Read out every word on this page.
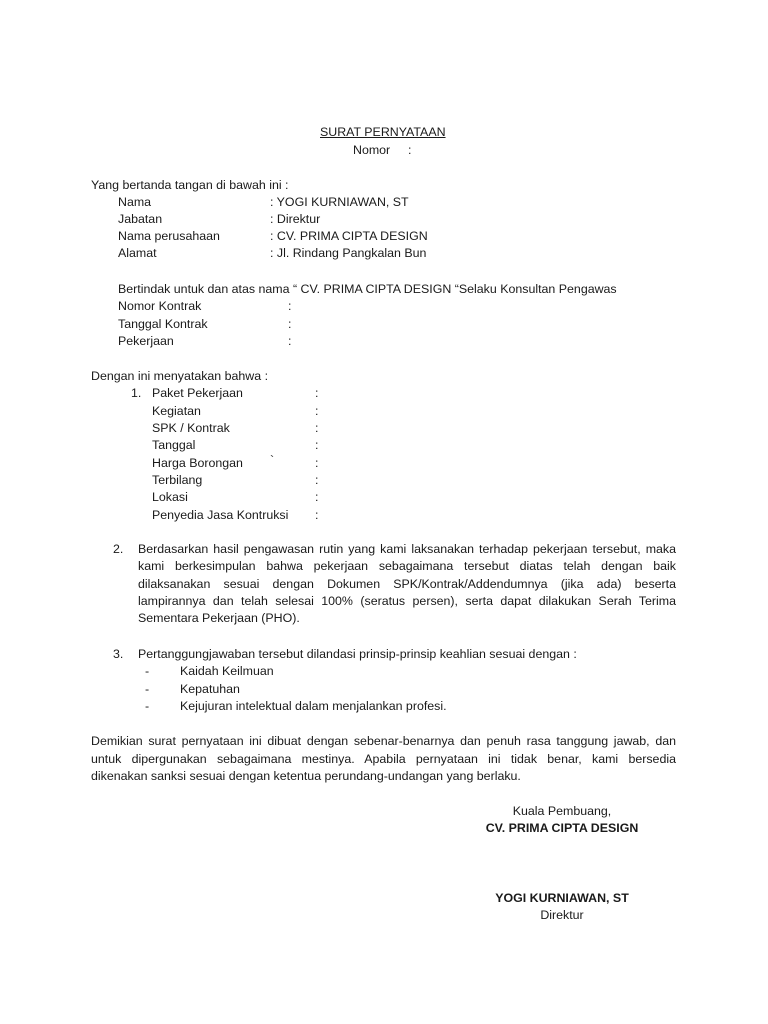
SURAT PERNYATAAN
Nomor :
Yang bertanda tangan di bawah ini :
Nama	: YOGI KURNIAWAN, ST
Jabatan	: Direktur
Nama perusahaan	: CV. PRIMA CIPTA DESIGN
Alamat	: Jl. Rindang Pangkalan Bun
Bertindak untuk dan atas nama “ CV. PRIMA CIPTA DESIGN “Selaku Konsultan Pengawas
Nomor Kontrak	:
Tanggal Kontrak	:
Pekerjaan	:
Dengan ini menyatakan bahwa :
1. Paket Pekerjaan	:
Kegiatan	:
SPK / Kontrak	:
Tanggal	:
Harga Borongan `	:
Terbilang	:
Lokasi	:
Penyedia Jasa Kontruksi :
2. Berdasarkan hasil pengawasan rutin yang kami laksanakan terhadap pekerjaan tersebut, maka
kami berkesimpulan bahwa pekerjaan sebagaimana tersebut diatas telah dengan baik
dilaksanakan sesuai dengan Dokumen SPK/Kontrak/Addendumnya (jika ada) beserta
lampirannya dan telah selesai 100% (seratus persen), serta dapat dilakukan Serah Terima
Sementara Pekerjaan (PHO).
3. Pertanggungjawaban tersebut dilandasi prinsip-prinsip keahlian sesuai dengan :
- Kaidah Keilmuan
- Kepatuhan
- Kejujuran intelektual dalam menjalankan profesi.
Demikian surat pernyataan ini dibuat dengan sebenar-benarnya dan penuh rasa tanggung jawab, dan
untuk dipergunakan sebagaimana mestinya. Apabila pernyataan ini tidak benar, kami bersedia
dikenakan sanksi sesuai dengan ketentua perundang-undangan yang berlaku.
Kuala Pembuang,
CV. PRIMA CIPTA DESIGN
YOGI KURNIAWAN, ST
Direktur
